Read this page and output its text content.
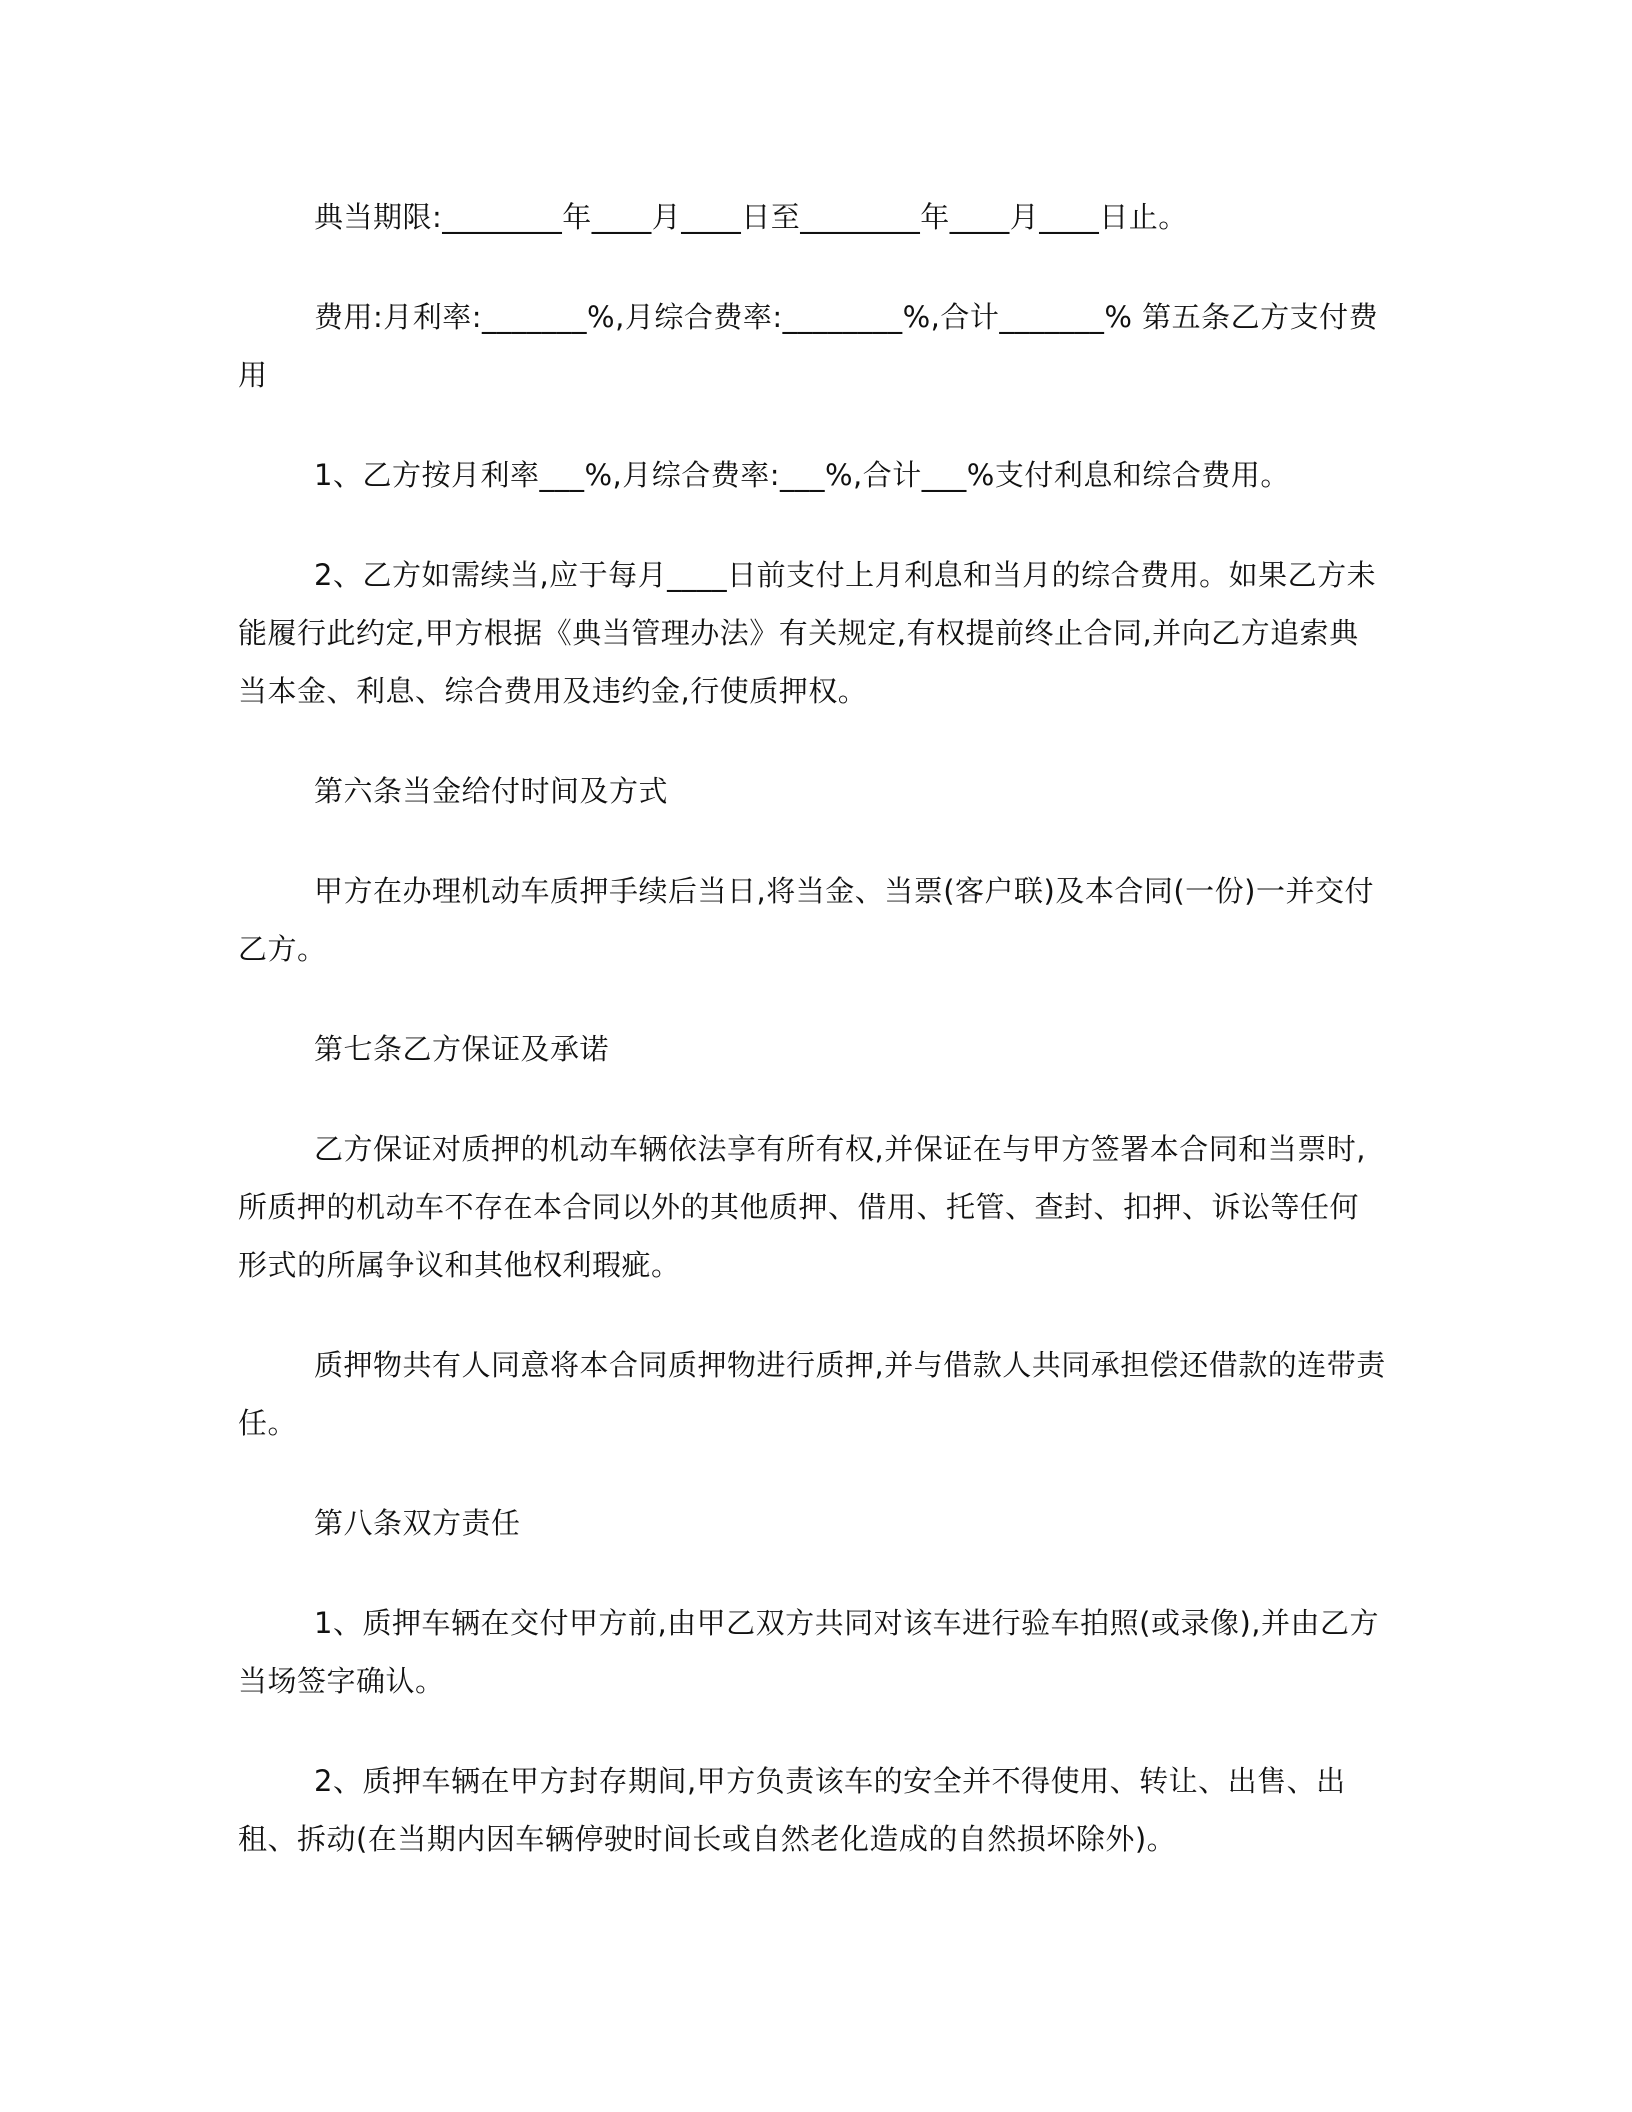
典当期限:________年____月____日至________年____月____日止。

费用:月利率:_______%,月综合费率:________%,合计_______% 第五条乙方支付费用

1、乙方按月利率___%,月综合费率:___%,合计___%支付利息和综合费用。

2、乙方如需续当,应于每月____日前支付上月利息和当月的综合费用。如果乙方未能履行此约定,甲方根据《典当管理办法》有关规定,有权提前终止合同,并向乙方追索典当本金、利息、综合费用及违约金,行使质押权。

第六条当金给付时间及方式

甲方在办理机动车质押手续后当日,将当金、当票(客户联)及本合同(一份)一并交付乙方。

第七条乙方保证及承诺

乙方保证对质押的机动车辆依法享有所有权,并保证在与甲方签署本合同和当票时,所质押的机动车不存在本合同以外的其他质押、借用、托管、查封、扣押、诉讼等任何形式的所属争议和其他权利瑕疵。

质押物共有人同意将本合同质押物进行质押,并与借款人共同承担偿还借款的连带责任。

第八条双方责任

1、质押车辆在交付甲方前,由甲乙双方共同对该车进行验车拍照(或录像),并由乙方当场签字确认。

2、质押车辆在甲方封存期间,甲方负责该车的安全并不得使用、转让、出售、出租、拆动(在当期内因车辆停驶时间长或自然老化造成的自然损坏除外)。
